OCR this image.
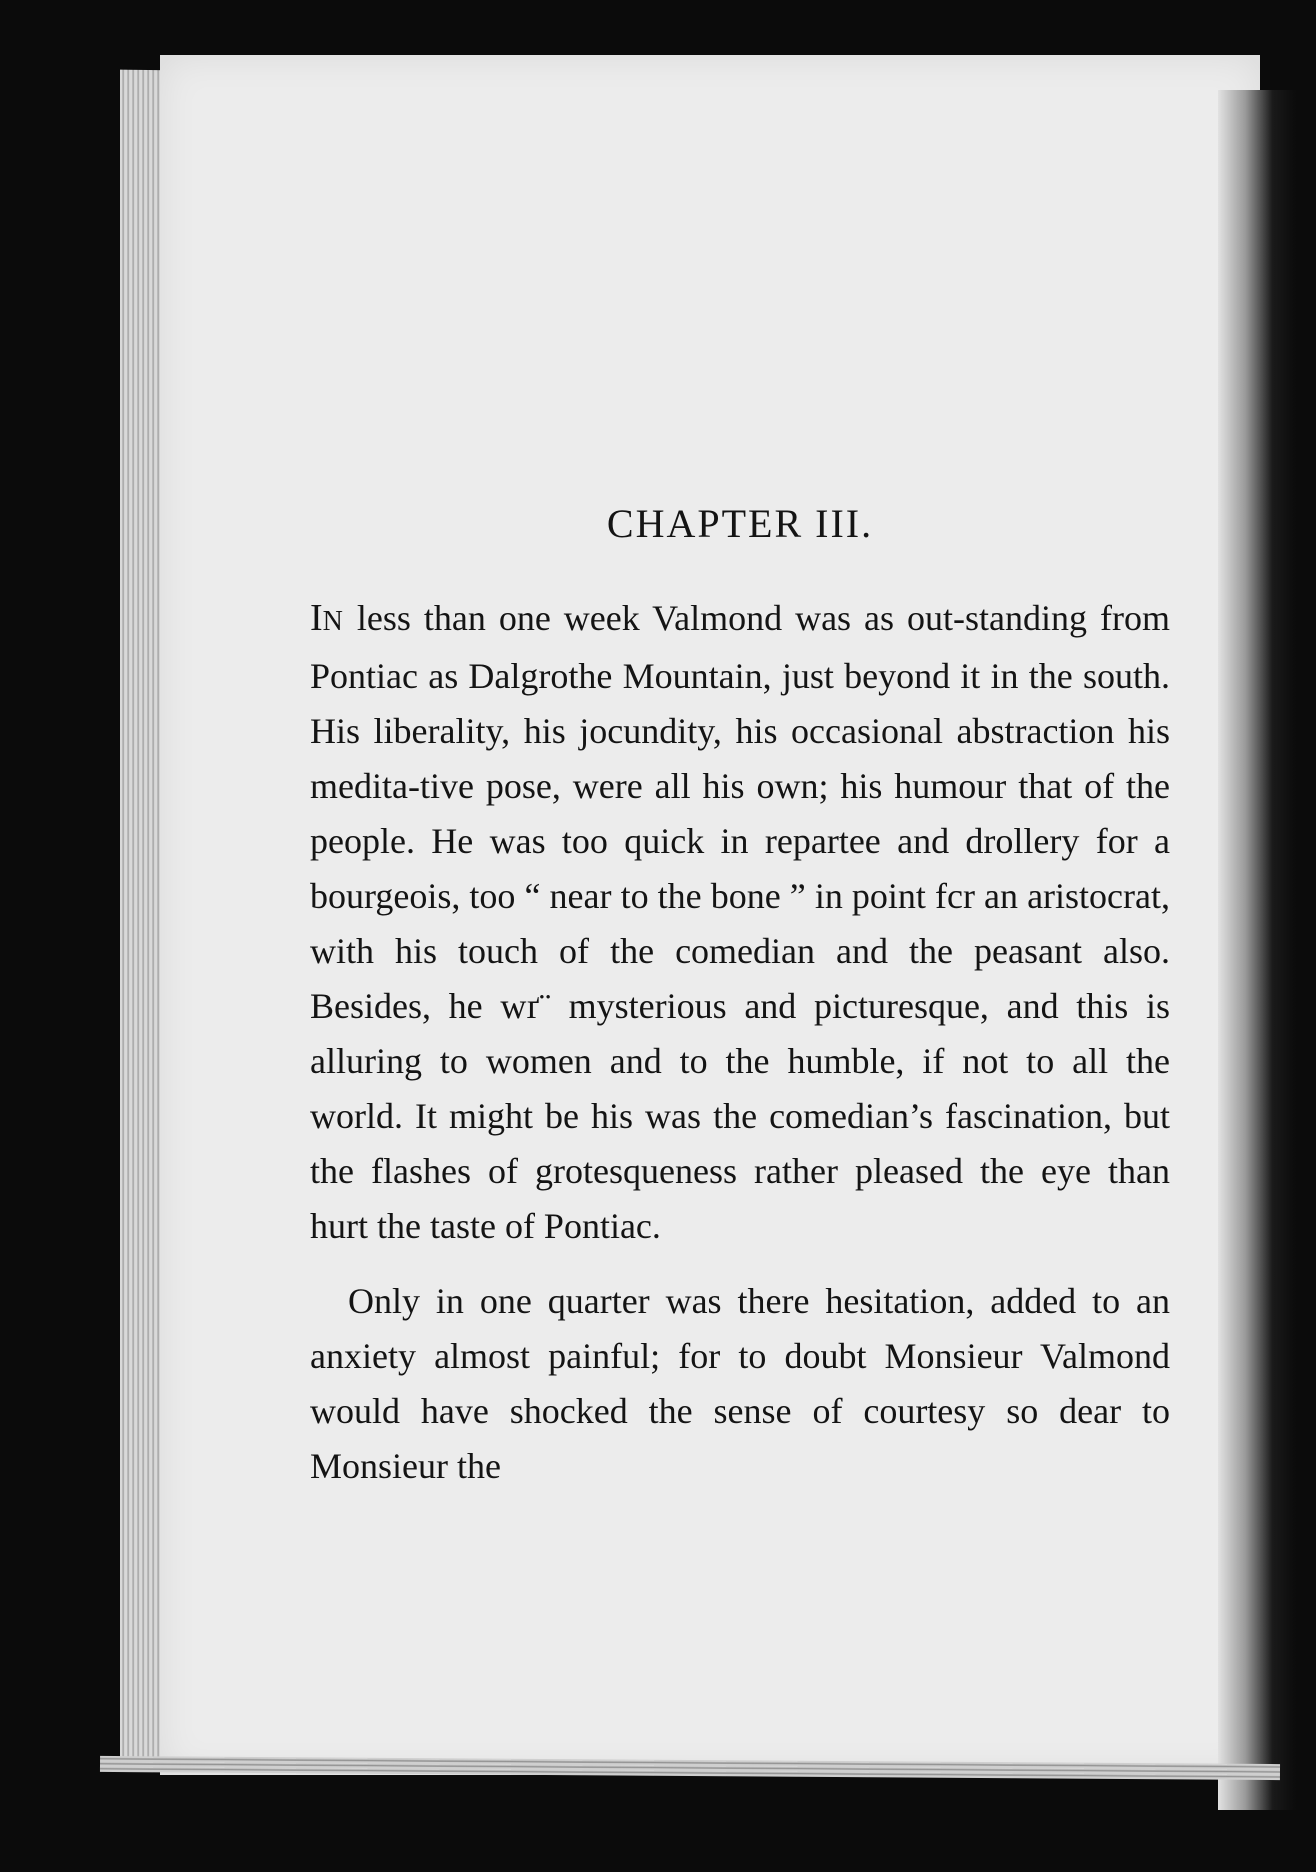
CHAPTER III.

IN less than one week Valmond was as out-standing from Pontiac as Dalgrothe Mountain, just beyond it in the south. His liberality, his jocundity, his occasional abstraction his medita-tive pose, were all his own; his humour that of the people. He was too quick in repartee and drollery for a bourgeois, too “ near to the bone ” in point fсr an aristocrat, with his touch of the comedian and the peasant also. Besides, he wґ¨ mysterious and picturesque, and this is alluring to women and to the humble, if not to all the world. It might be his was the comedian’s fascination, but the flashes of grotesqueness rather pleased the eye than hurt the taste of Pontiac.

Only in one quarter was there hesitation, added to an anxiety almost painful; for to doubt Monsieur Valmond would have shocked the sense of courtesy so dear to Monsieur the
